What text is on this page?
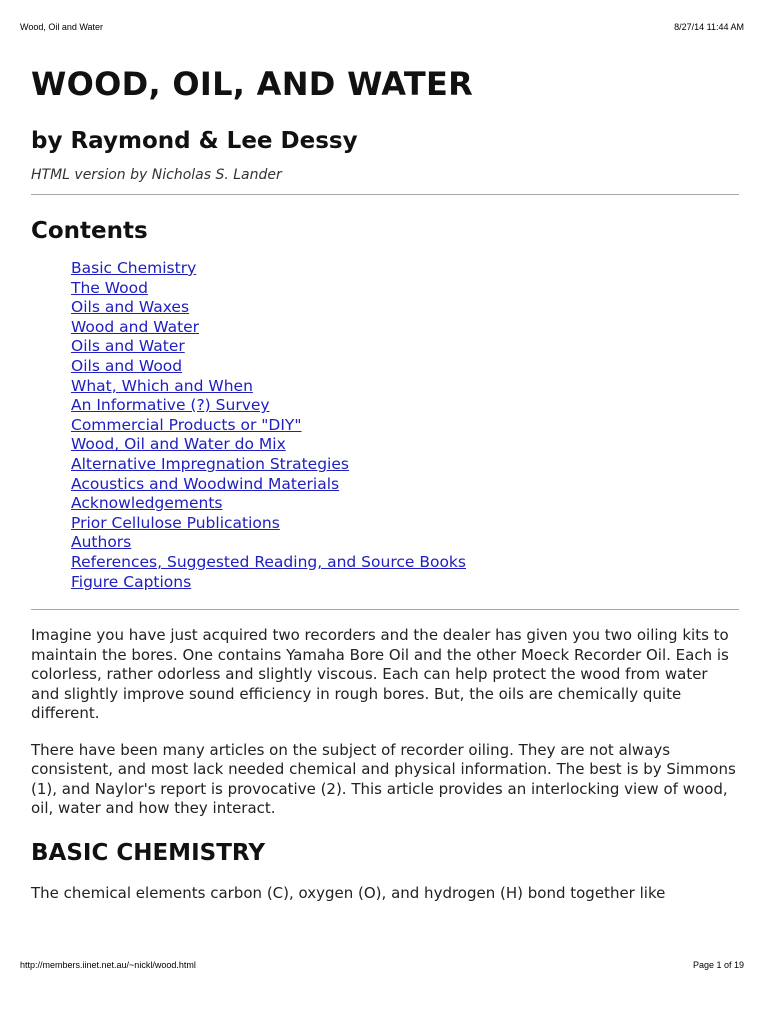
Wood, Oil and Water	8/27/14 11:44 AM
WOOD, OIL, AND WATER
by Raymond & Lee Dessy

HTML version by Nicholas S. Lander

Contents
Basic Chemistry
The Wood
Oils and Waxes
Wood and Water
Oils and Water
Oils and Wood
What, Which and When
An Informative (?) Survey
Commercial Products or "DIY"
Wood, Oil and Water do Mix
Alternative Impregnation Strategies
Acoustics and Woodwind Materials
Acknowledgements
Prior Cellulose Publications
Authors
References, Suggested Reading, and Source Books
Figure Captions

Imagine you have just acquired two recorders and the dealer has given you two oiling kits to maintain the bores. One contains Yamaha Bore Oil and the other Moeck Recorder Oil. Each is colorless, rather odorless and slightly viscous. Each can help protect the wood from water and slightly improve sound efficiency in rough bores. But, the oils are chemically quite different.

There have been many articles on the subject of recorder oiling. They are not always consistent, and most lack needed chemical and physical information. The best is by Simmons (1), and Naylor's report is provocative (2). This article provides an interlocking view of wood, oil, water and how they interact.

BASIC CHEMISTRY

The chemical elements carbon (C), oxygen (O), and hydrogen (H) bond together like

http://members.iinet.net.au/~nickl/wood.html	Page 1 of 19
